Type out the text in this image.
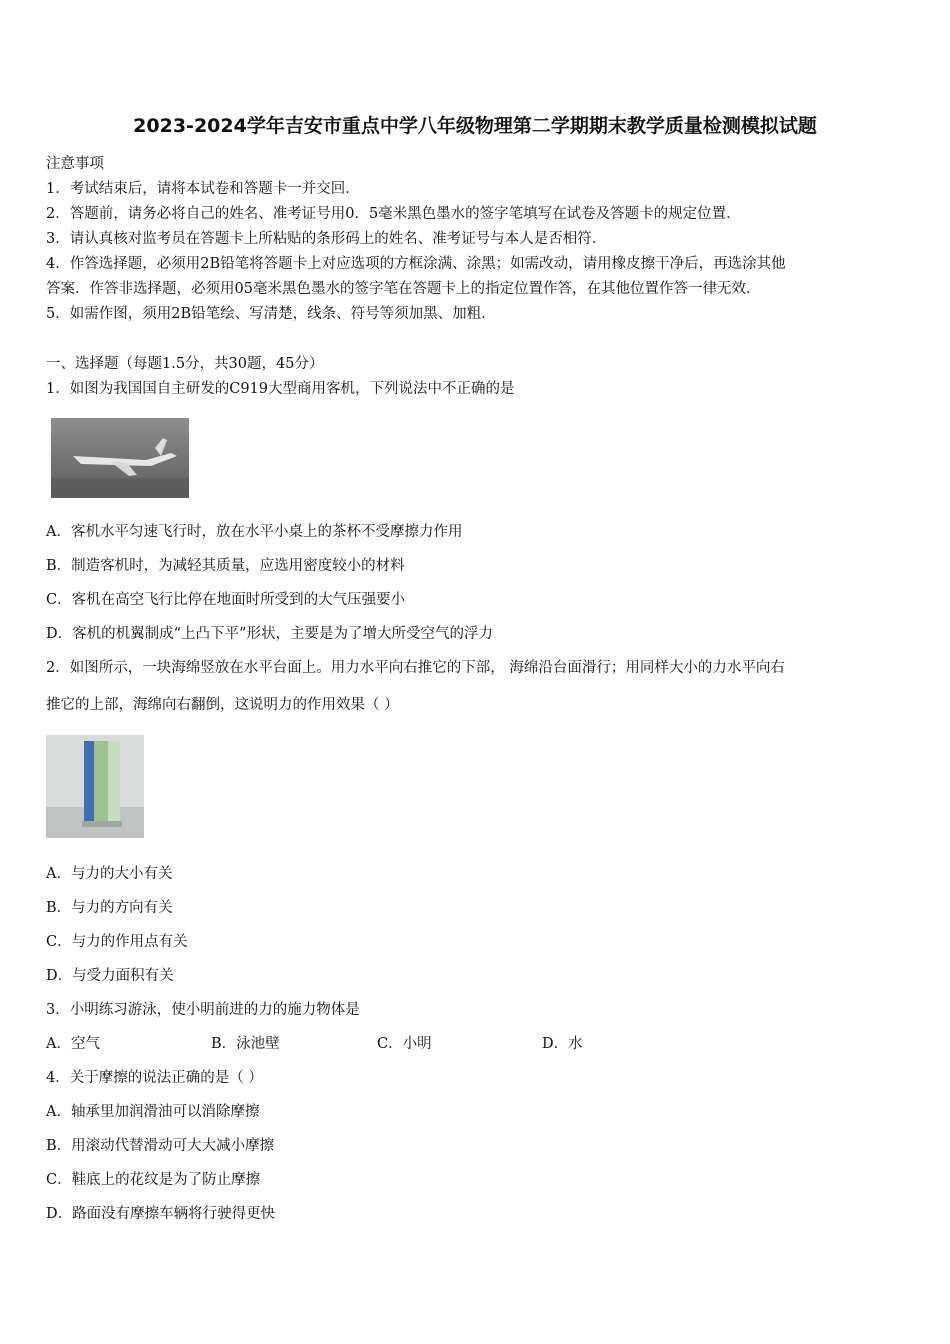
2023-2024学年吉安市重点中学八年级物理第二学期期末教学质量检测模拟试题
注意事项
1．考试结束后，请将本试卷和答题卡一并交回．
2．答题前，请务必将自己的姓名、准考证号用0．5毫米黑色墨水的签字笔填写在试卷及答题卡的规定位置．
3．请认真核对监考员在答题卡上所粘贴的条形码上的姓名、准考证号与本人是否相符．
4．作答选择题，必须用2B铅笔将答题卡上对应选项的方框涂满、涂黑；如需改动，请用橡皮擦干净后，再选涂其他
答案．作答非选择题，必须用05毫米黑色墨水的签字笔在答题卡上的指定位置作答，在其他位置作答一律无效．
5．如需作图，须用2B铅笔绘、写清楚，线条、符号等须加黑、加粗．
一、选择题（每题1.5分，共30题，45分）
1．如图为我国国自主研发的C919大型商用客机，下列说法中不正确的是
A．客机水平匀速飞行时，放在水平小桌上的茶杯不受摩擦力作用
B．制造客机时，为减轻其质量，应选用密度较小的材料
C．客机在高空飞行比停在地面时所受到的大气压强要小
D．客机的机翼制成“上凸下平”形状，主要是为了增大所受空气的浮力
2．如图所示，一块海绵竖放在水平台面上。用力水平向右推它的下部， 海绵沿台面滑行；用同样大小的力水平向右
推它的上部，海绵向右翻倒，这说明力的作用效果（ ）
A．与力的大小有关
B．与力的方向有关
C．与力的作用点有关
D．与受力面积有关
3．小明练习游泳，使小明前进的力的施力物体是
A．空气	B．泳池壁	C．小明	D．水
4．关于摩擦的说法正确的是（ ）
A．轴承里加润滑油可以消除摩擦
B．用滚动代替滑动可大大减小摩擦
C．鞋底上的花纹是为了防止摩擦
D．路面没有摩擦车辆将行驶得更快
